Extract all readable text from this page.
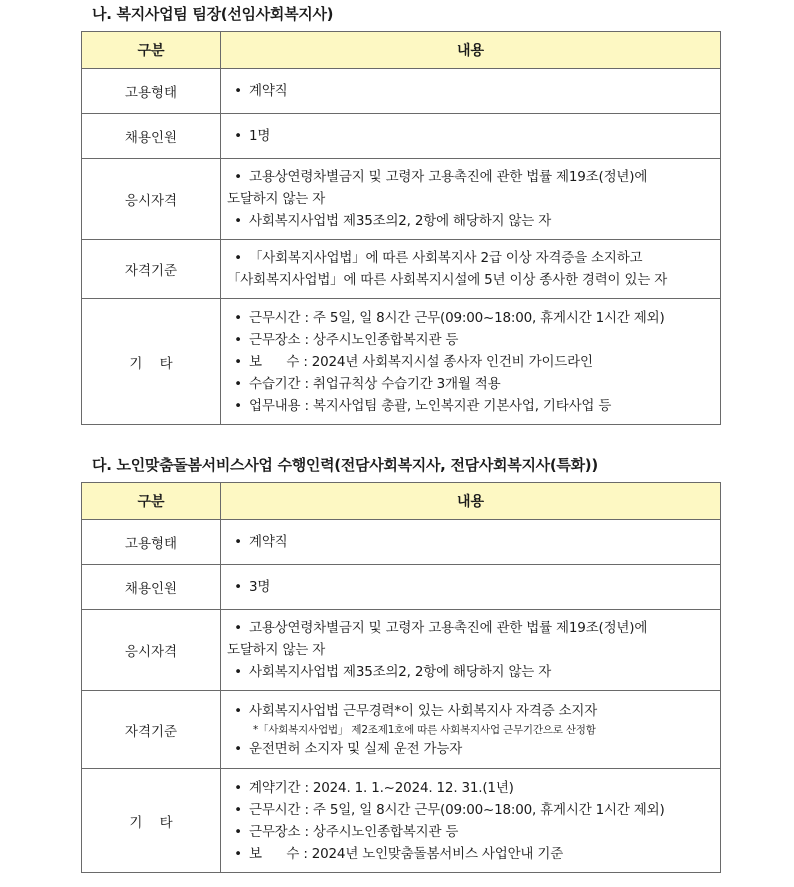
나. 복지사업팀 팀장(선임사회복지사)
구분	내용
고용형태	• 계약직

채용인원	• 1명

응시자격	• 고용상연령차별금지 및 고령자 고용촉진에 관한 법률 제19조(정년)에
도달하지 않는 자
• 사회복지사업법 제35조의2, 2항에 해당하지 않는 자

자격기준	• 「사회복지사업법」에 따른 사회복지사 2급 이상 자격증을 소지하고
「사회복지사업법」에 따른 사회복지시설에 5년 이상 종사한 경력이 있는 자

기    타	• 근무시간 : 주 5일, 일 8시간 근무(09:00~18:00, 휴게시간 1시간 제외)
• 근무장소 : 상주시노인종합복지관 등
• 보      수 : 2024년 사회복지시설 종사자 인건비 가이드라인
• 수습기간 : 취업규칙상 수습기간 3개월 적용
• 업무내용 : 복지사업팀 총괄, 노인복지관 기본사업, 기타사업 등
다. 노인맞춤돌봄서비스사업 수행인력(전담사회복지사, 전담사회복지사(특화))
구분	내용
고용형태	• 계약직

채용인원	• 3명

응시자격	• 고용상연령차별금지 및 고령자 고용촉진에 관한 법률 제19조(정년)에
도달하지 않는 자
• 사회복지사업법 제35조의2, 2항에 해당하지 않는 자

자격기준	• 사회복지사업법 근무경력*이 있는 사회복지사 자격증 소지자
*「사회복지사업법」 제2조제1호에 따른 사회복지사업 근무기간으로 산정함
• 운전면허 소지자 및 실제 운전 가능자

기    타	• 계약기간 : 2024. 1. 1.~2024. 12. 31.(1년)
• 근무시간 : 주 5일, 일 8시간 근무(09:00~18:00, 휴게시간 1시간 제외)
• 근무장소 : 상주시노인종합복지관 등
• 보      수 : 2024년 노인맞춤돌봄서비스 사업안내 기준
